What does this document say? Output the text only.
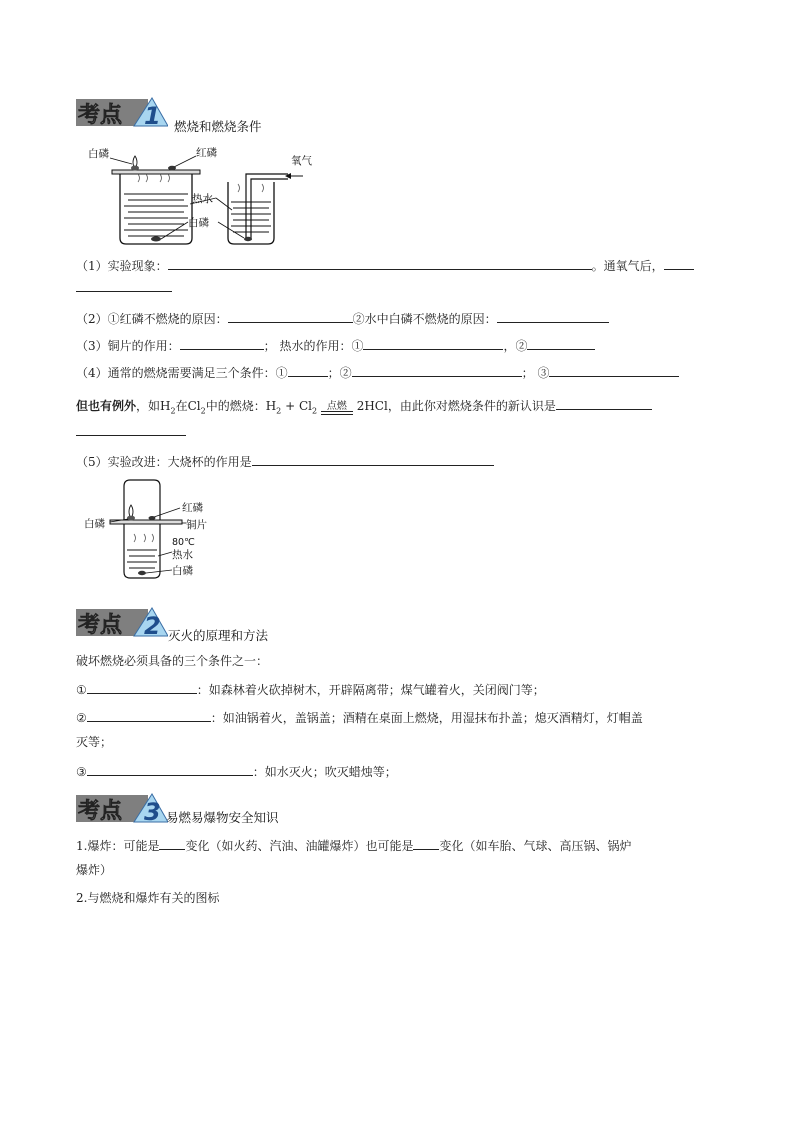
考点 1 燃烧和燃烧条件
白磷	红磷
氧气
热水
白磷
（1）实验现象：	。通氧气后，
（2）①红磷不燃烧的原因：	②水中白磷不燃烧的原因：
（3）铜片的作用：	； 热水的作用：①	，②
（4）通常的燃烧需要满足三个条件：①	；②	； ③
但也有例外，如$H_2$在$Cl_2$中的燃烧：$H_2 + Cl_2$ 点燃 2HCl，由此你对燃烧条件的新认识是
（5）实验改进：大烧杯的作用是
红磷
白磷	铜片
80℃
热水
白磷
考点 2 灭火的原理和方法
破坏燃烧必须具备的三个条件之一：
①	：如森林着火砍掉树木，开辟隔离带；煤气罐着火，关闭阀门等；
②	：如油锅着火，盖锅盖；酒精在桌面上燃烧，用湿抹布扑盖；熄灭酒精灯，灯帽盖
灭等；
③	：如水灭火；吹灭蜡烛等；
考点 3 易燃易爆物安全知识
1.爆炸：可能是 变化（如火药、汽油、油罐爆炸）也可能是 变化（如车胎、气球、高压锅、锅炉
爆炸）
2.与燃烧和爆炸有关的图标
